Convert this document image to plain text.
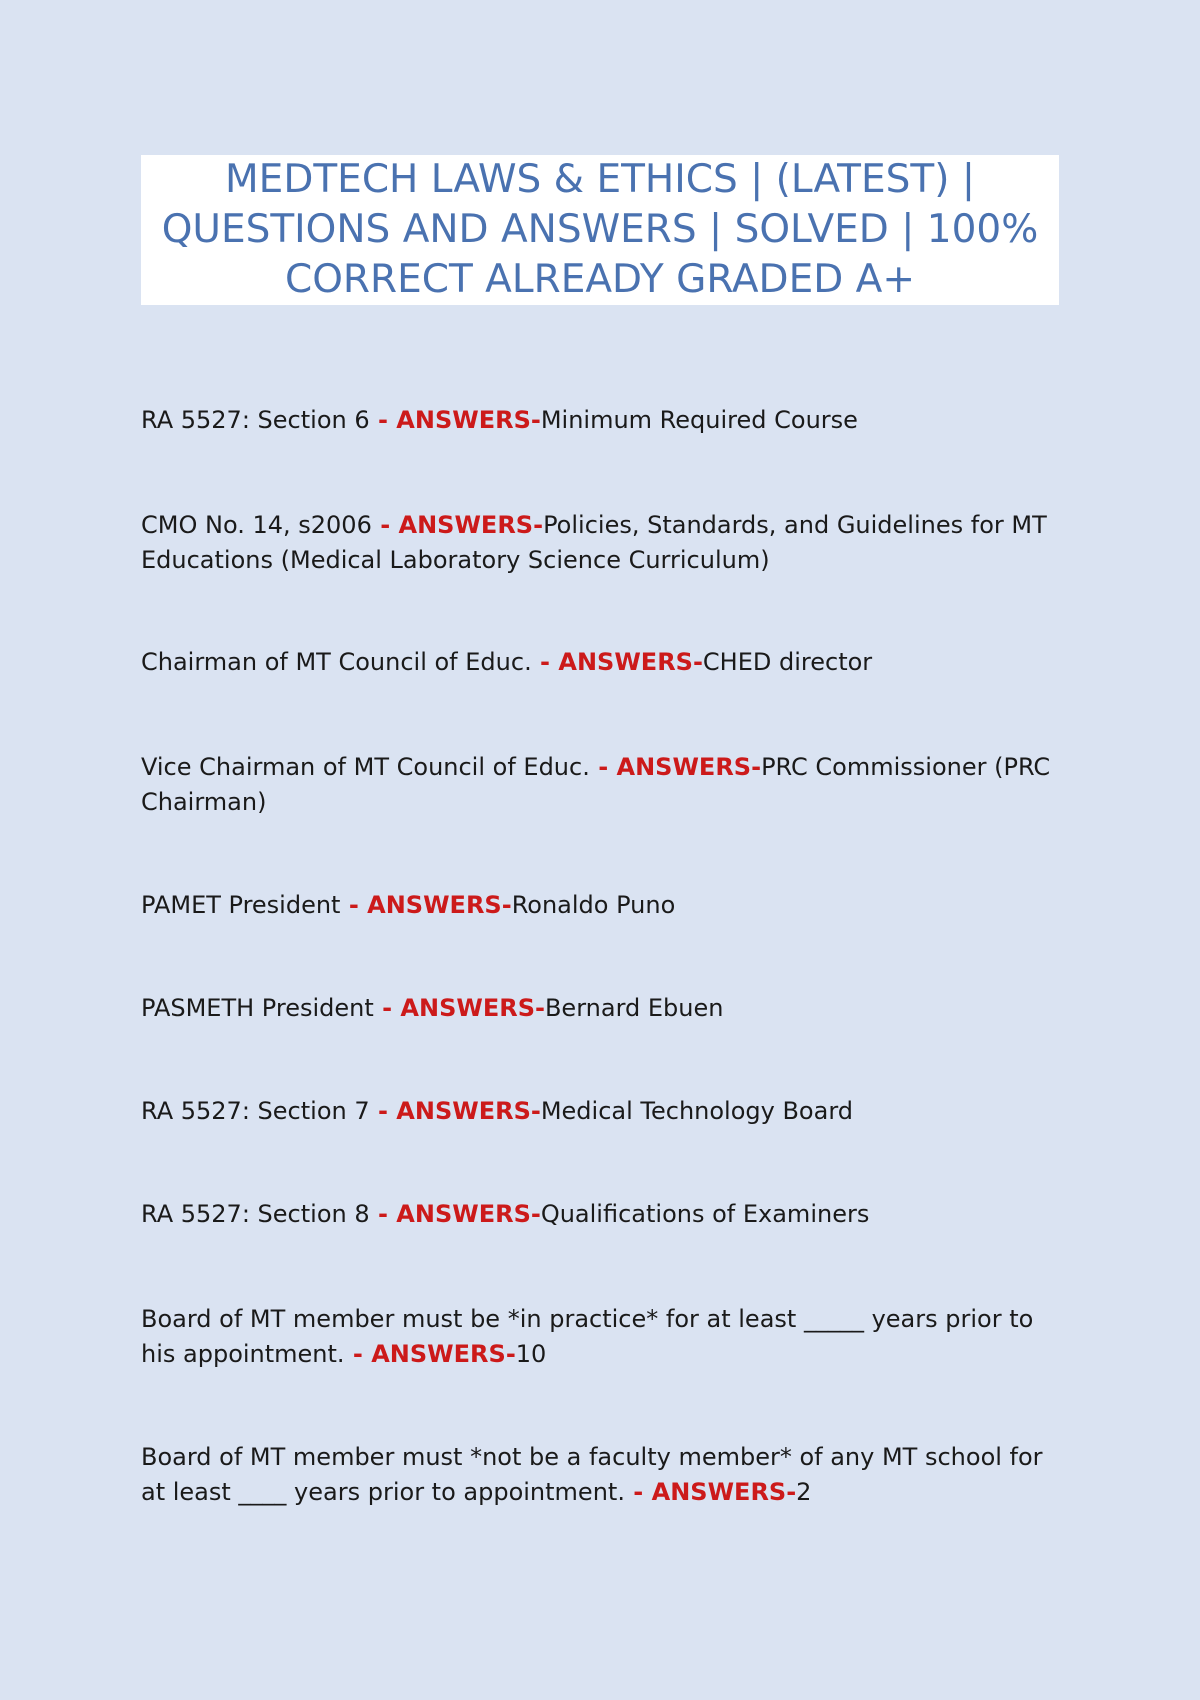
MEDTECH LAWS & ETHICS | (LATEST) | QUESTIONS AND ANSWERS | SOLVED | 100% CORRECT ALREADY GRADED A+

RA 5527: Section 6 - ANSWERS-Minimum Required Course

CMO No. 14, s2006 - ANSWERS-Policies, Standards, and Guidelines for MT Educations (Medical Laboratory Science Curriculum)

Chairman of MT Council of Educ. - ANSWERS-CHED director

Vice Chairman of MT Council of Educ. - ANSWERS-PRC Commissioner (PRC Chairman)

PAMET President - ANSWERS-Ronaldo Puno

PASMETH President - ANSWERS-Bernard Ebuen

RA 5527: Section 7 - ANSWERS-Medical Technology Board

RA 5527: Section 8 - ANSWERS-Qualifications of Examiners

Board of MT member must be *in practice* for at least _____ years prior to his appointment. - ANSWERS-10

Board of MT member must *not be a faculty member* of any MT school for at least ____ years prior to appointment. - ANSWERS-2
